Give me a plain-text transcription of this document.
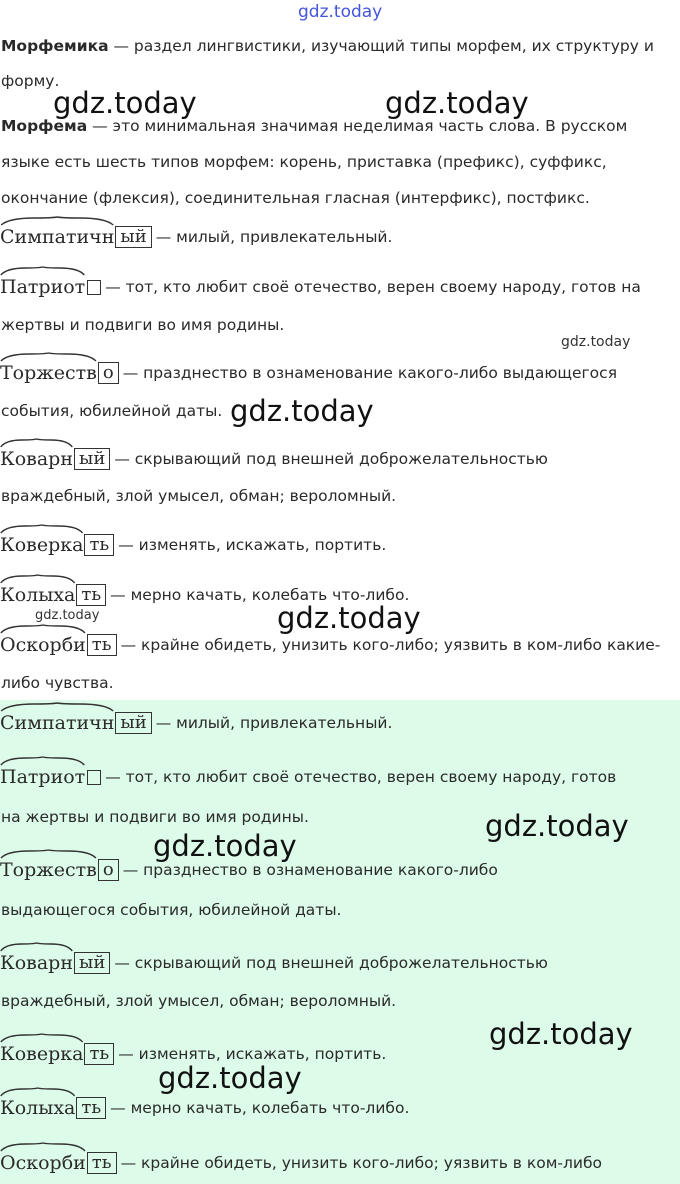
Морфемика — раздел лингвистики, изучающий типы морфем, их структуру и
форму.
Морфема — это минимальная значимая неделимая часть слова. В русском
языке есть шесть типов морфем: корень, приставка (префикс), суффикс,
окончание (флексия), соединительная гласная (интерфикс), постфикс.
Симпатичн ый — милый, привлекательный.
Патриот — тот, кто любит своё отечество, верен своему народу, готов на
жертвы и подвиги во имя родины.
Торжеств о — празднество в ознаменование какого-либо выдающегося
события, юбилейной даты.
Коварн ый — скрывающий под внешней доброжелательностью
враждебный, злой умысел, обман; вероломный.
Коверка ть — изменять, искажать, портить.
Колыха ть — мерно качать, колебать что-либо.
Оскорби ть — крайне обидеть, унизить кого-либо; уязвить в ком-либо какие-
либо чувства.
Симпатичн ый — милый, привлекательный.
Патриот — тот, кто любит своё отечество, верен своему народу, готов
на жертвы и подвиги во имя родины.
Торжеств о — празднество в ознаменование какого-либо
выдающегося события, юбилейной даты.
Коварн ый — скрывающий под внешней доброжелательностью
враждебный, злой умысел, обман; вероломный.
Коверка ть — изменять, искажать, портить.
Колыха ть — мерно качать, колебать что-либо.
Оскорби ть — крайне обидеть, унизить кого-либо; уязвить в ком-либо
gdz.today
gdz.today	gdz.today
gdz.today
gdz.today
gdz.today	gdz.today
gdz.today
gdz.today
gdz.today
gdz.today
